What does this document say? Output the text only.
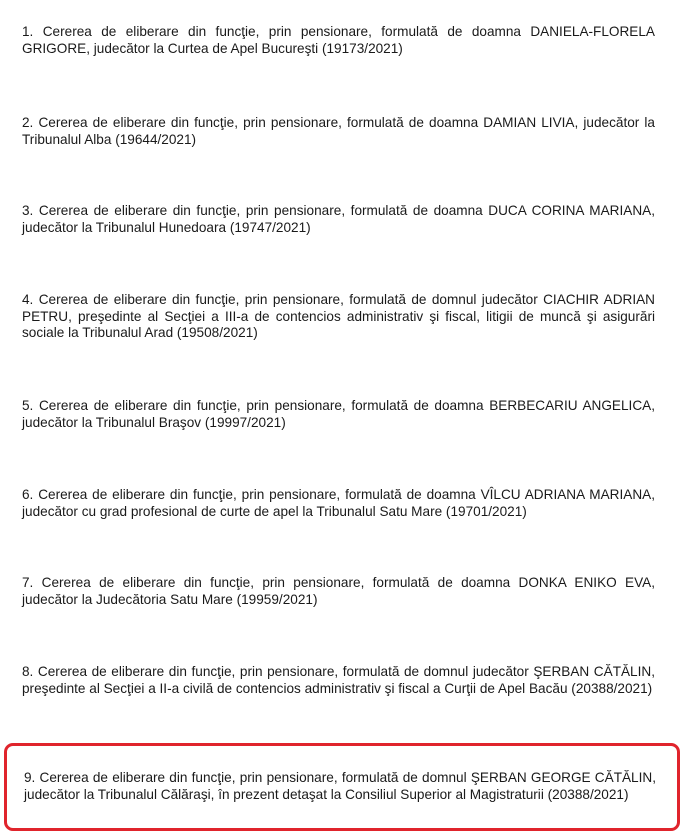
1. Cererea de eliberare din funcţie, prin pensionare, formulată de doamna DANIELA-FLORELA GRIGORE, judecător la Curtea de Apel Bucureşti (19173/2021)

2. Cererea de eliberare din funcţie, prin pensionare, formulată de doamna DAMIAN LIVIA, judecător la Tribunalul Alba (19644/2021)

3. Cererea de eliberare din funcţie, prin pensionare, formulată de doamna DUCA CORINA MARIANA, judecător la Tribunalul Hunedoara (19747/2021)

4. Cererea de eliberare din funcţie, prin pensionare, formulată de domnul judecător CIACHIR ADRIAN PETRU, preşedinte al Secţiei a III-a de contencios administrativ şi fiscal, litigii de muncă şi asigurări sociale la Tribunalul Arad (19508/2021)

5. Cererea de eliberare din funcţie, prin pensionare, formulată de doamna BERBECARIU ANGELICA, judecător la Tribunalul Braşov (19997/2021)

6. Cererea de eliberare din funcţie, prin pensionare, formulată de doamna VÎLCU ADRIANA MARIANA, judecător cu grad profesional de curte de apel la Tribunalul Satu Mare (19701/2021)

7. Cererea de eliberare din funcţie, prin pensionare, formulată de doamna DONKA ENIKO EVA, judecător la Judecătoria Satu Mare (19959/2021)

8. Cererea de eliberare din funcţie, prin pensionare, formulată de domnul judecător ŞERBAN CĂTĂLIN, preşedinte al Secţiei a II-a civilă de contencios administrativ şi fiscal a Curţii de Apel Bacău (20388/2021)

9. Cererea de eliberare din funcţie, prin pensionare, formulată de domnul ŞERBAN GEORGE CĂTĂLIN, judecător la Tribunalul Călăraşi, în prezent detaşat la Consiliul Superior al Magistraturii (20388/2021)
